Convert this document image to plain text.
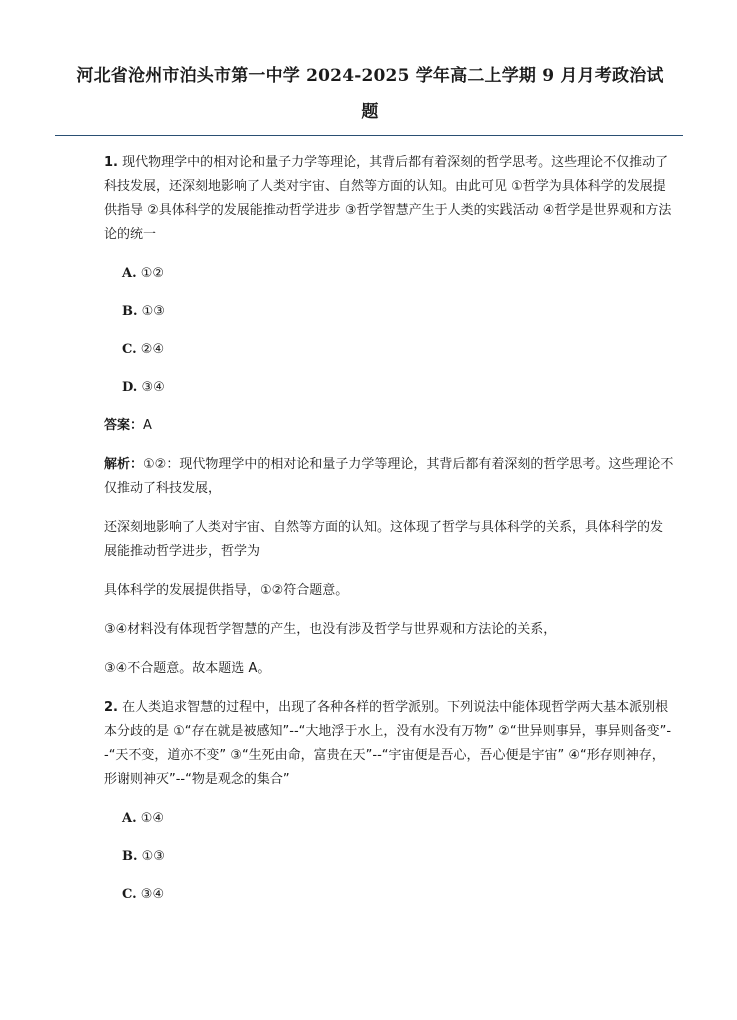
河北省沧州市泊头市第一中学 2024-2025 学年高二上学期 9 月月考政治试
题
1. 现代物理学中的相对论和量子力学等理论，其背后都有着深刻的哲学思考。这些理论不仅推动了科技发展，还深刻地影响了人类对宇宙、自然等方面的认知。由此可见 ①哲学为具体科学的发展提供指导 ②具体科学的发展能推动哲学进步 ③哲学智慧产生于人类的实践活动 ④哲学是世界观和方法论的统一
A. ①②
B. ①③
C. ②④
D. ③④
答案：A
解析：①②：现代物理学中的相对论和量子力学等理论，其背后都有着深刻的哲学思考。这些理论不仅推动了科技发展，
还深刻地影响了人类对宇宙、自然等方面的认知。这体现了哲学与具体科学的关系，具体科学的发展能推动哲学进步，哲学为
具体科学的发展提供指导，①②符合题意。
③④材料没有体现哲学智慧的产生，也没有涉及哲学与世界观和方法论的关系，
③④不合题意。故本题选 A。
2. 在人类追求智慧的过程中，出现了各种各样的哲学派别。下列说法中能体现哲学两大基本派别根本分歧的是 ①“存在就是被感知”--“大地浮于水上，没有水没有万物” ②“世异则事异，事异则备变”--“天不变，道亦不变” ③“生死由命，富贵在天”--“宇宙便是吾心，吾心便是宇宙” ④“形存则神存，形谢则神灭”--“物是观念的集合”
A. ①④
B. ①③
C. ③④
